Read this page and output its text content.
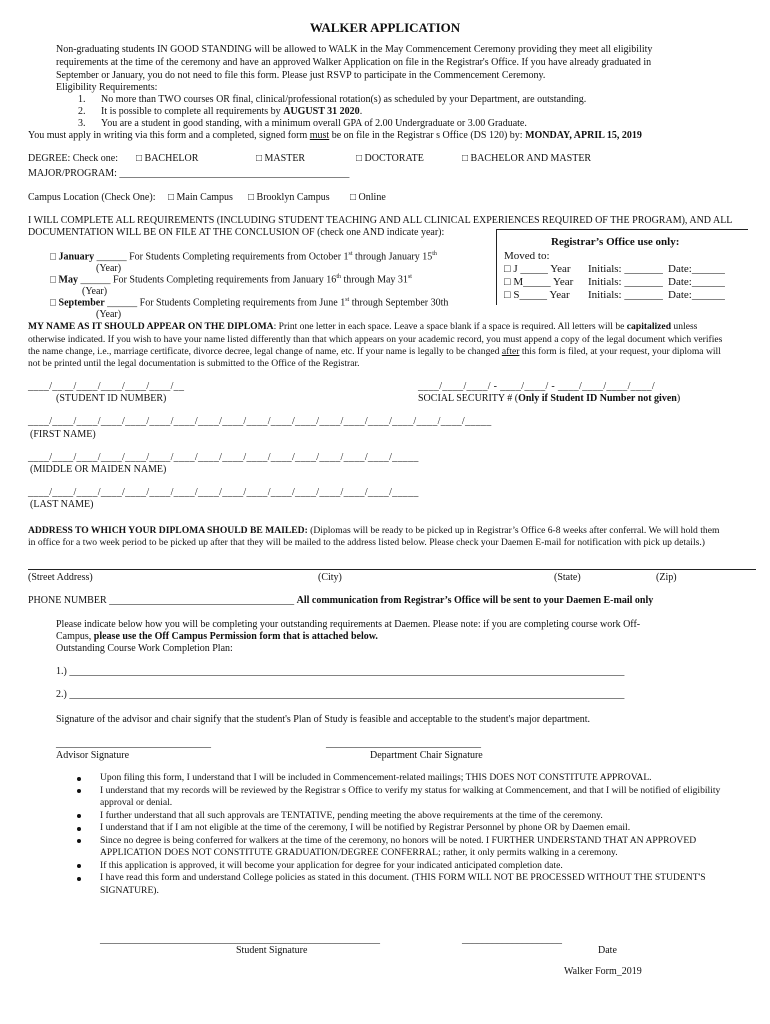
WALKER APPLICATION
Non-graduating students IN GOOD STANDING will be allowed to WALK in the May Commencement Ceremony providing they meet all eligibility
requirements at the time of the ceremony and have an approved Walker Application on file in the Registrar's Office. If you have already graduated in
September or January, you do not need to file this form. Please just RSVP to participate in the Commencement Ceremony.
Eligibility Requirements:
1. No more than TWO courses OR final, clinical/professional rotation(s) as scheduled by your Department, are outstanding.
2. It is possible to complete all requirements by AUGUST 31 2020.
3. You are a student in good standing, with a minimum overall GPA of 2.00 Undergraduate or 3.00 Graduate.
You must apply in writing via this form and a completed, signed form must be on file in the Registrar s Office (DS 120) by: MONDAY, APRIL 15, 2019
DEGREE: Check one: □ BACHELOR	□ MASTER	□ DOCTORATE	□ BACHELOR AND MASTER
MAJOR/PROGRAM: ______________________________________________
Campus Location (Check One): □ Main Campus □ Brooklyn Campus □ Online
I WILL COMPLETE ALL REQUIREMENTS (INCLUDING STUDENT TEACHING AND ALL CLINICAL EXPERIENCES REQUIRED OF THE PROGRAM), AND ALL
DOCUMENTATION WILL BE ON FILE AT THE CONCLUSION OF (check one AND indicate year):
□ January ______ For Students Completing requirements from October 1st through January 15th
(Year)
□ May ______ For Students Completing requirements from January 16th through May 31st
(Year)
□ September ______ For Students Completing requirements from June 1st through September 30th
(Year)
Registrar’s Office use only:
Moved to:
□ J _____ Year Initials: _______ Date:______
□ M_____ Year Initials: _______ Date:______
□ S_____ Year Initials: _______ Date:______
MY NAME AS IT SHOULD APPEAR ON THE DIPLOMA: Print one letter in each space. Leave a space blank if a space is required. All letters will be capitalized unless
otherwise indicated. If you wish to have your name listed differently than that which appears on your academic record, you must append a copy of the legal document which verifies
the name change, i.e., marriage certificate, divorce decree, legal change of name, etc. If your name is legally to be changed after this form is filed, at your request, your diploma will
not be printed until the legal documentation is submitted to the Office of the Registrar.
____/____/____/____/____/____/__
(STUDENT ID NUMBER)
____/____/____/ - ____/____/ - ____/____/____/____/
SOCIAL SECURITY # (Only if Student ID Number not given)
____/____/____/____/____/____/____/____/____/____/____/____/____/____/____/____/____/____/_____
(FIRST NAME)
____/____/____/____/____/____/____/____/____/____/____/____/____/____/____/_____
(MIDDLE OR MAIDEN NAME)
____/____/____/____/____/____/____/____/____/____/____/____/____/____/____/_____
(LAST NAME)
ADDRESS TO WHICH YOUR DIPLOMA SHOULD BE MAILED: (Diplomas will be ready to be picked up in Registrar’s Office 6-8 weeks after conferral. We will hold them
in office for a two week period to be picked up after that they will be mailed to the address listed below. Please check your Daemen E-mail for notification with pick up details.)
(Street Address)	(City)	(State)	(Zip)
PHONE NUMBER _____________________________________ All communication from Registrar’s Office will be sent to your Daemen E-mail only
Please indicate below how you will be completing your outstanding requirements at Daemen. Please note: if you are completing course work Off-
Campus, please use the Off Campus Permission form that is attached below.
Outstanding Course Work Completion Plan:
1.) _______________________________________________________________________________________________________________
2.) _______________________________________________________________________________________________________________
Signature of the advisor and chair signify that the student's Plan of Study is feasible and acceptable to the student's major department.
_______________________________
Advisor Signature
_______________________________
Department Chair Signature
Upon filing this form, I understand that I will be included in Commencement-related mailings; THIS DOES NOT CONSTITUTE APPROVAL.
I understand that my records will be reviewed by the Registrar s Office to verify my status for walking at Commencement, and that I will be notified of eligibility approval or denial.
I further understand that all such approvals are TENTATIVE, pending meeting the above requirements at the time of the ceremony.
I understand that if I am not eligible at the time of the ceremony, I will be notified by Registrar Personnel by phone OR by Daemen email.
Since no degree is being conferred for walkers at the time of the ceremony, no honors will be noted. I FURTHER UNDERSTAND THAT AN APPROVED APPLICATION DOES NOT CONSTITUTE GRADUATION/DEGREE CONFERRAL; rather, it only permits walking in a ceremony.
If this application is approved, it will become your application for degree for your indicated anticipated completion date.
I have read this form and understand College policies as stated in this document. (THIS FORM WILL NOT BE PROCESSED WITHOUT THE STUDENT'S SIGNATURE).
________________________________________________________
Student Signature
____________________
Date
Walker Form_2019
